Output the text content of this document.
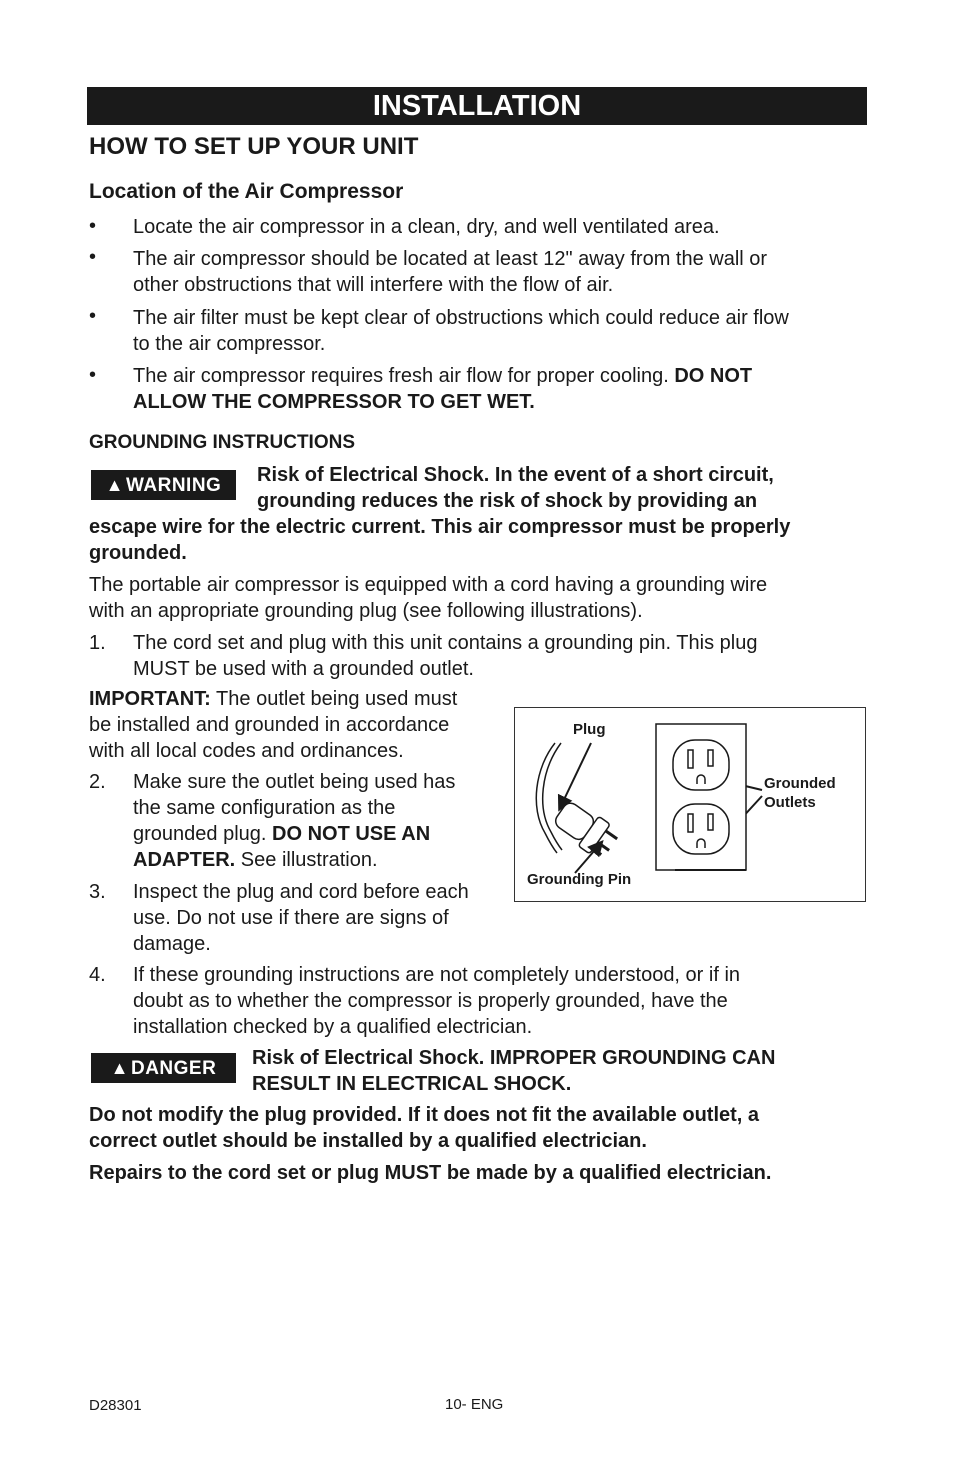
INSTALLATION
HOW TO SET UP YOUR UNIT
Location of the Air Compressor
• Locate the air compressor in a clean, dry, and well ventilated area.
• The air compressor should be located at least 12" away from the wall or
other obstructions that will interfere with the flow of air.
• The air filter must be kept clear of obstructions which could reduce air flow
to the air compressor.
• The air compressor requires fresh air flow for proper cooling. DO NOT
ALLOW THE COMPRESSOR TO GET WET.
GROUNDING INSTRUCTIONS
▲ WARNING	Risk of Electrical Shock. In the event of a short circuit,
grounding reduces the risk of shock by providing an
escape wire for the electric current. This air compressor must be properly
grounded.
The portable air compressor is equipped with a cord having a grounding wire
with an appropriate grounding plug (see following illustrations).
1. The cord set and plug with this unit contains a grounding pin. This plug
MUST be used with a grounded outlet.
IMPORTANT: The outlet being used must
be installed and grounded in accordance
with all local codes and ordinances.
2. Make sure the outlet being used has
the same configuration as the
grounded plug. DO NOT USE AN
ADAPTER. See illustration.
3. Inspect the plug and cord before each
use. Do not use if there are signs of
damage.
Plug
Grounding Pin
Grounded
Outlets
4. If these grounding instructions are not completely understood, or if in
doubt as to whether the compressor is properly grounded, have the
installation checked by a qualified electrician.
▲ DANGER	Risk of Electrical Shock. IMPROPER GROUNDING CAN
RESULT IN ELECTRICAL SHOCK.
Do not modify the plug provided. If it does not fit the available outlet, a
correct outlet should be installed by a qualified electrician.
Repairs to the cord set or plug MUST be made by a qualified electrician.
D28301	10- ENG
